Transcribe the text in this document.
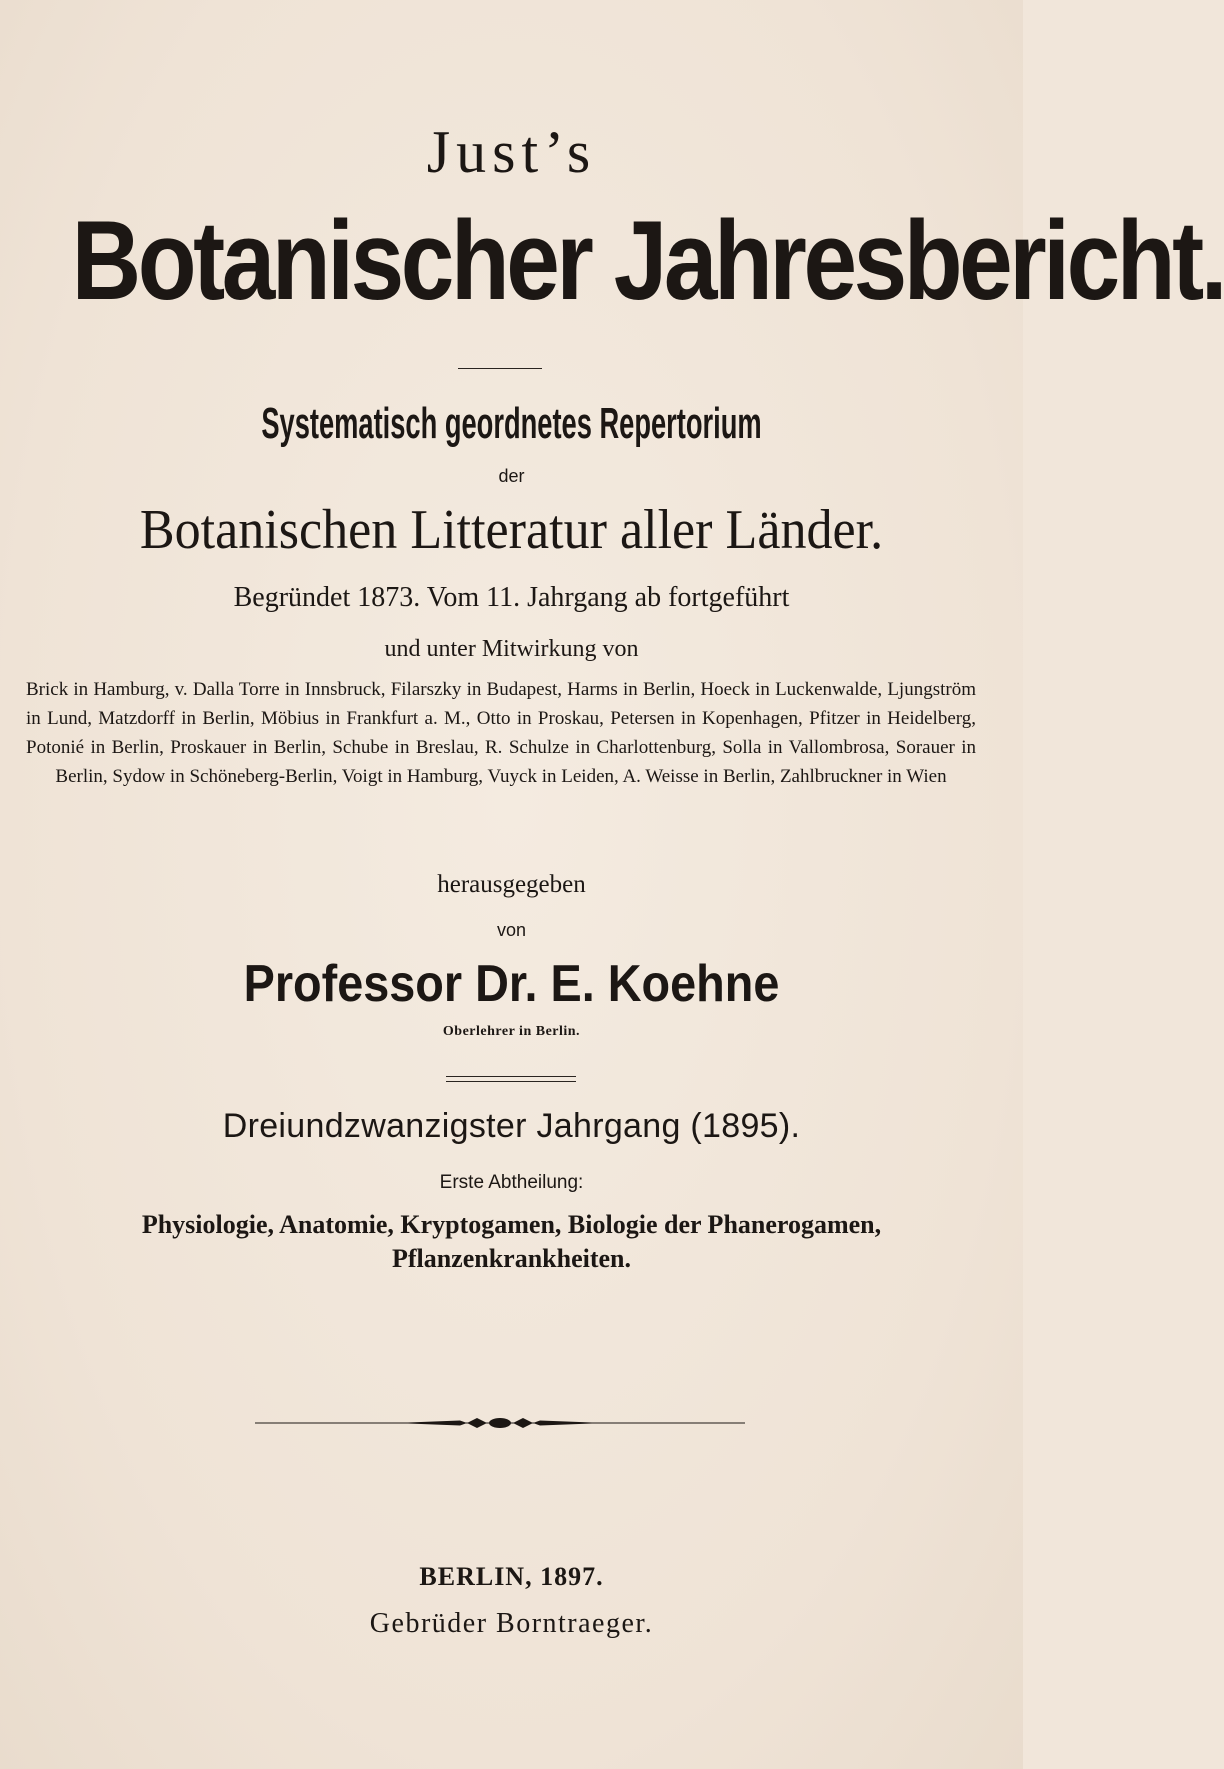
Just’s
Botanischer Jahresbericht.
Systematisch geordnetes Repertorium
der
Botanischen Litteratur aller Länder.
Begründet 1873. Vom 11. Jahrgang ab fortgeführt
und unter Mitwirkung von
Brick in Hamburg, v. Dalla Torre in Innsbruck, Filarszky in Budapest, Harms in Berlin, Hoeck in Luckenwalde, Ljungström in Lund, Matzdorff in Berlin, Möbius in Frankfurt a. M., Otto in Proskau, Petersen in Kopenhagen, Pfitzer in Heidelberg, Potonié in Berlin, Proskauer in Berlin, Schube in Breslau, R. Schulze in Charlottenburg, Solla in Vallombrosa, Sorauer in Berlin, Sydow in Schöneberg-Berlin, Voigt in Hamburg, Vuyck in Leiden, A. Weisse in Berlin, Zahlbruckner in Wien
herausgegeben
von
Professor Dr. E. Koehne
Oberlehrer in Berlin.
Dreiundzwanzigster Jahrgang (1895).
Erste Abtheilung:
Physiologie, Anatomie, Kryptogamen, Biologie der Phanerogamen,
Pflanzenkrankheiten.
BERLIN, 1897.
Gebrüder Borntraeger.
